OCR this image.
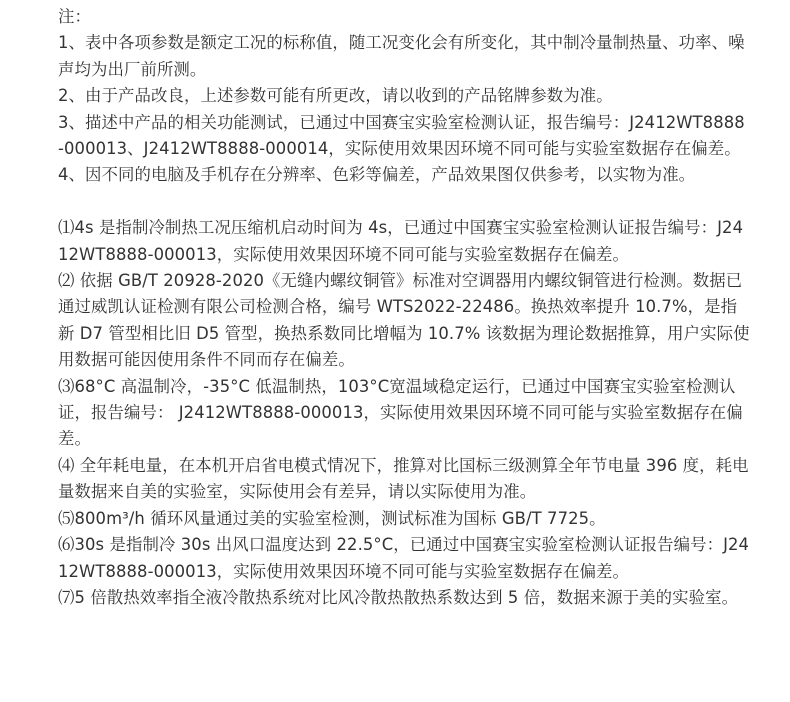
注：

1、表中各项参数是额定工况的标称值，随工况变化会有所变化，其中制冷量制热量、功率、噪声均为出厂前所测。

2、由于产品改良，上述参数可能有所更改，请以收到的产品铭牌参数为准。

3、描述中产品的相关功能测试，已通过中国赛宝实验室检测认证，报告编号：J2412WT8888-000013、J2412WT8888-000014，实际使用效果因环境不同可能与实验室数据存在偏差。

4、因不同的电脑及手机存在分辨率、色彩等偏差，产品效果图仅供参考，以实物为准。

⑴4s 是指制冷制热工况压缩机启动时间为 4s，已通过中国赛宝实验室检测认证报告编号：J2412WT8888-000013，实际使用效果因环境不同可能与实验室数据存在偏差。

⑵ 依据 GB/T 20928-2020《无缝内螺纹铜管》标准对空调器用内螺纹铜管进行检测。数据已通过威凯认证检测有限公司检测合格，编号 WTS2022-22486。换热效率提升 10.7%，是指新 D7 管型相比旧 D5 管型，换热系数同比增幅为 10.7% 该数据为理论数据推算，用户实际使用数据可能因使用条件不同而存在偏差。

⑶68°C 高温制冷，-35°C 低温制热，103°C宽温域稳定运行，已通过中国赛宝实验室检测认证，报告编号： J2412WT8888-000013，实际使用效果因环境不同可能与实验室数据存在偏差。

⑷ 全年耗电量，在本机开启省电模式情况下，推算对比国标三级测算全年节电量 396 度，耗电量数据来自美的实验室，实际使用会有差异，请以实际使用为准。

⑸800m³/h 循环风量通过美的实验室检测，测试标准为国标 GB/T 7725。

⑹30s 是指制冷 30s 出风口温度达到 22.5°C，已通过中国赛宝实验室检测认证报告编号：J2412WT8888-000013，实际使用效果因环境不同可能与实验室数据存在偏差。

⑺5 倍散热效率指全液冷散热系统对比风冷散热散热系数达到 5 倍，数据来源于美的实验室。
